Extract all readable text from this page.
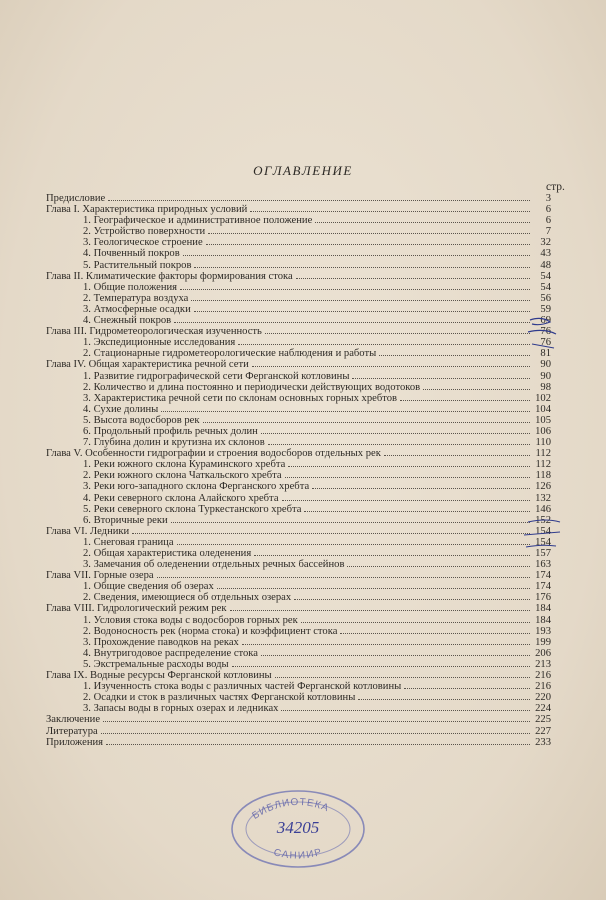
ОГЛАВЛЕНИЕ
стр.
Предисловие	3
Глава I. Характеристика природных условий	6
1. Географическое и административное положение	6
2. Устройство поверхности	7
3. Геологическое строение	32
4. Почвенный покров	43
5. Растительный покров	48
Глава II. Климатические факторы формирования стока	54
1. Общие положения	54
2. Температура воздуха	56
3. Атмосферные осадки	59
4. Снежный покров	69
Глава III. Гидрометеорологическая изученность	76
1. Экспедиционные исследования	76
2. Стационарные гидрометеорологические наблюдения и работы	81
Глава IV. Общая характеристика речной сети	90
1. Развитие гидрографической сети Ферганской котловины	90
2. Количество и длина постоянно и периодически действующих водотоков	98
3. Характеристика речной сети по склонам основных горных хребтов	102
4. Сухие долины	104
5. Высота водосборов рек	105
6. Продольный профиль речных долин	106
7. Глубина долин и крутизна их склонов	110
Глава V. Особенности гидрографии и строения водосборов отдельных рек	112
1. Реки южного склона Кураминского хребта	112
2. Реки южного склона Чаткальского хребта	118
3. Реки юго-западного склона Ферганского хребта	126
4. Реки северного склона Алайского хребта	132
5. Реки северного склона Туркестанского хребта	146
6. Вторичные реки	152
Глава VI. Ледники	154
1. Снеговая граница	154
2. Общая характеристика оледенения	157
3. Замечания об оледенении отдельных речных бассейнов	163
Глава VII. Горные озера	174
1. Общие сведения об озерах	174
2. Сведения, имеющиеся об отдельных озерах	176
Глава VIII. Гидрологический режим рек	184
1. Условия стока воды с водосборов горных рек	184
2. Водоносность рек (норма стока) и коэффициент стока	193
3. Прохождение паводков на реках	199
4. Внутригодовое распределение стока	206
5. Экстремальные расходы воды	213
Глава IX. Водные ресурсы Ферганской котловины	216
1. Изученность стока воды с различных частей Ферганской котловины	216
2. Осадки и сток в различных частях Ферганской котловины	220
3. Запасы воды в горных озерах и ледниках	224
Заключение	225
Литература	227
Приложения	233
БИБЛИОТЕКА
34205
САНИИР
